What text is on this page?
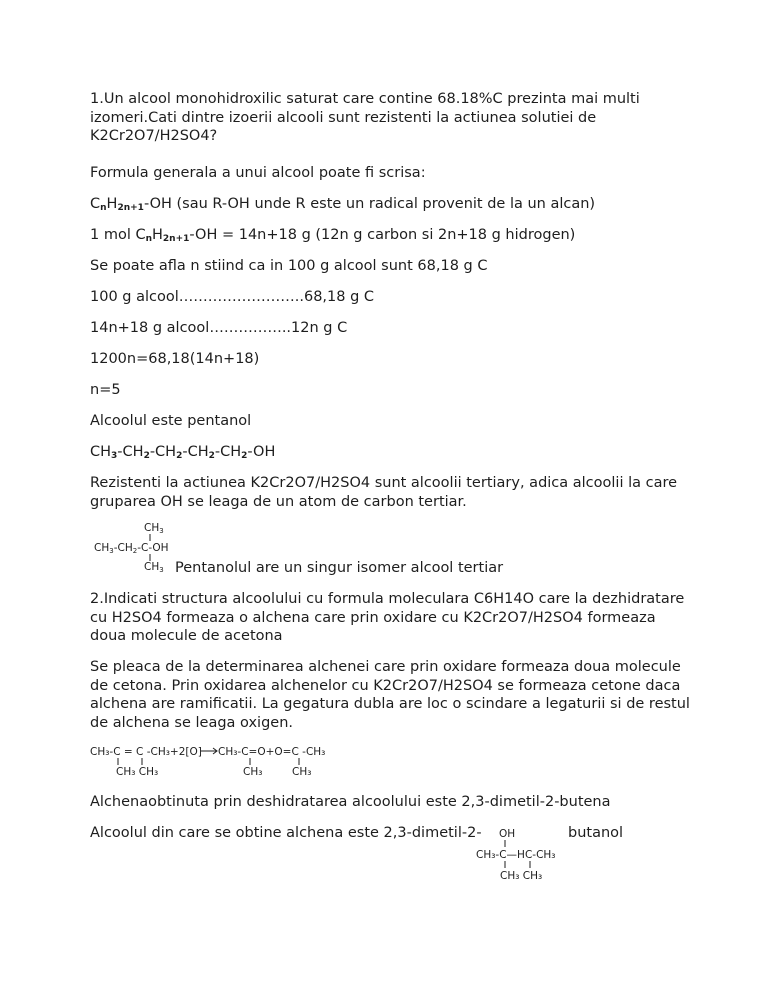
1.Un alcool monohidroxilic saturat care contine 68.18%C prezinta mai multi izomeri.Cati dintre izoerii alcooli sunt rezistenti la actiunea solutiei de K2Cr2O7/H2SO4?
Formula generala a unui alcool poate fi scrisa:
$C_nH_{2n+1}-OH$ (sau R-OH unde R este un radical provenit de la un alcan)
1 mol $C_nH_{2n+1}-OH = 14n+18$ g (12n g carbon si 2n+18 g hidrogen)
Se poate afla n stiind ca in 100 g alcool sunt 68,18 g C
100 g alcool……………………..68,18 g C
14n+18 g alcool……………..12n g C
1200n=68,18(14n+18)
n=5
Alcoolul este pentanol
$CH_3-CH_2-CH_2-CH_2-CH_2-OH$
Rezistenti la actiunea K2Cr2O7/H2SO4 sunt alcoolii tertiary, adica alcoolii la care gruparea OH se leaga de un atom de carbon tertiar.
CH3
CH3-CH2-C-OH
CH3 Pentanolul are un singur isomer alcool tertiar
2.Indicati structura alcoolului cu formula moleculara C6H14O care la dezhidratare cu H2SO4 formeaza o alchena care prin oxidare cu K2Cr2O7/H2SO4 formeaza doua molecule de acetona
Se pleaca de la determinarea alchenei care prin oxidare formeaza doua molecule de cetona. Prin oxidarea alchenelor cu K2Cr2O7/H2SO4 se formeaza cetone daca alchena are ramificatii. La gegatura dubla are loc o scindare a legaturii si de restul de alchena se leaga oxigen.
CH₃-C = C -CH₃+2[O] CH₃-C=O+O=C -CH₃
CH₃ CH₃	CH₃	CH₃
Alchenaobtinuta prin deshidratarea alcoolului este 2,3-dimetil-2-butena
Alcoolul din care se obtine alchena este 2,3-dimetil-2-	butanol
OH
CH₃-C—HC-CH₃
CH₃ CH₃
